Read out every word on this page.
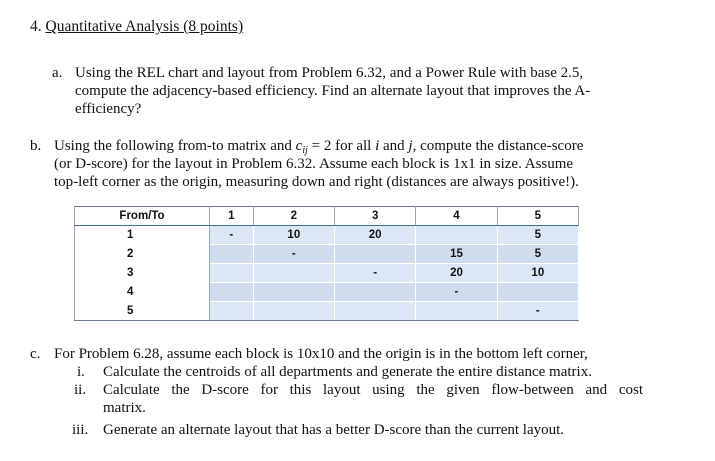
4. Quantitative Analysis (8 points)
a. Using the REL chart and layout from Problem 6.32, and a Power Rule with base 2.5,
compute the adjacency-based efficiency. Find an alternate layout that improves the A-
efficiency?
b. Using the following from-to matrix and $c_{ij} = 2$ for all i and j, compute the distance-score
(or D-score) for the layout in Problem 6.32. Assume each block is 1x1 in size. Assume
top-left corner as the origin, measuring down and right (distances are always positive!).
From/To	1	2	3	4	5
1	-	10	20		5
2		-		15	5
3			-	20	10
4				-	
5					-
c. For Problem 6.28, assume each block is 10x10 and the origin is in the bottom left corner,
i. Calculate the centroids of all departments and generate the entire distance matrix.
ii. Calculate the D-score for this layout using the given flow-between and cost
matrix.
iii. Generate an alternate layout that has a better D-score than the current layout.
